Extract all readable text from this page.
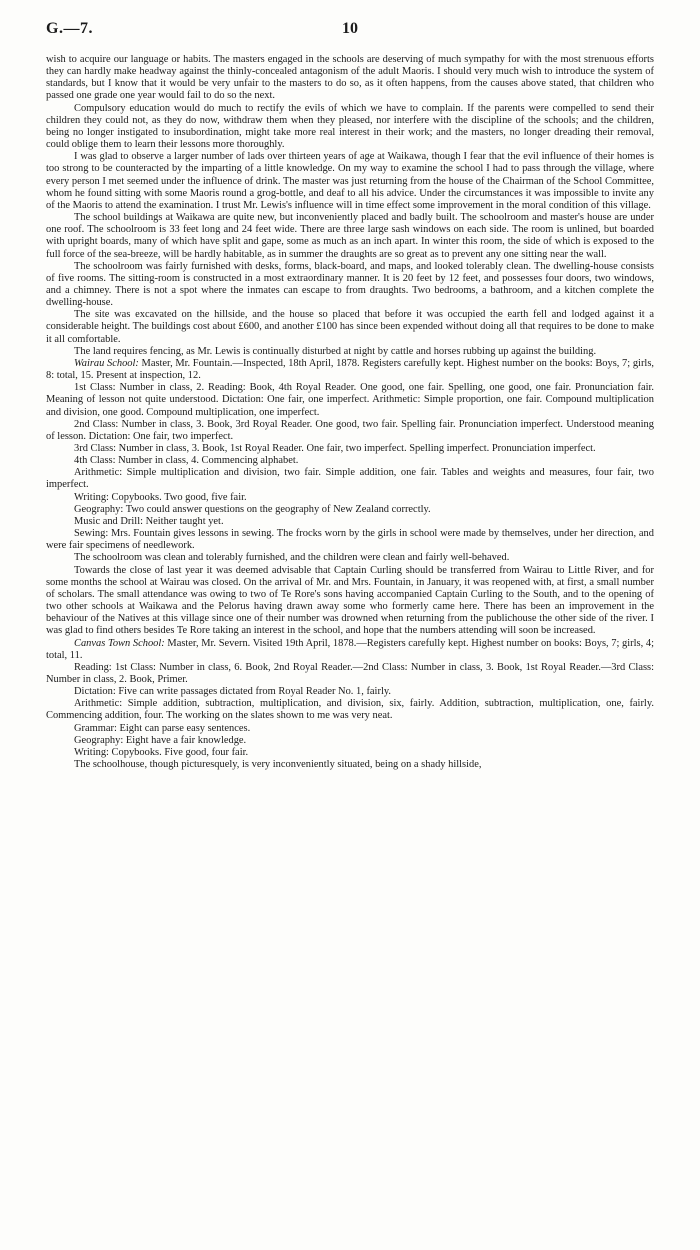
G.—7.	10

wish to acquire our language or habits. The masters engaged in the schools are deserving of much sympathy for with the most strenuous efforts they can hardly make headway against the thinly-concealed antagonism of the adult Maoris. I should very much wish to introduce the system of standards, but I know that it would be very unfair to the masters to do so, as it often happens, from the causes above stated, that children who passed one grade one year would fail to do so the next.

Compulsory education would do much to rectify the evils of which we have to complain. If the parents were compelled to send their children they could not, as they do now, withdraw them when they pleased, nor interfere with the discipline of the schools; and the children, being no longer instigated to insubordination, might take more real interest in their work; and the masters, no longer dreading their removal, could oblige them to learn their lessons more thoroughly.

I was glad to observe a larger number of lads over thirteen years of age at Waikawa, though I fear that the evil influence of their homes is too strong to be counteracted by the imparting of a little knowledge. On my way to examine the school I had to pass through the village, where every person I met seemed under the influence of drink. The master was just returning from the house of the Chairman of the School Committee, whom he found sitting with some Maoris round a grog-bottle, and deaf to all his advice. Under the circumstances it was impossible to invite any of the Maoris to attend the examination. I trust Mr. Lewis's influence will in time effect some improvement in the moral condition of this village.

The school buildings at Waikawa are quite new, but inconveniently placed and badly built. The schoolroom and master's house are under one roof. The schoolroom is 33 feet long and 24 feet wide. There are three large sash windows on each side. The room is unlined, but boarded with upright boards, many of which have split and gape, some as much as an inch apart. In winter this room, the side of which is exposed to the full force of the sea-breeze, will be hardly habitable, as in summer the draughts are so great as to prevent any one sitting near the wall.

The schoolroom was fairly furnished with desks, forms, black-board, and maps, and looked tolerably clean. The dwelling-house consists of five rooms. The sitting-room is constructed in a most extraordinary manner. It is 20 feet by 12 feet, and possesses four doors, two windows, and a chimney. There is not a spot where the inmates can escape to from draughts. Two bedrooms, a bathroom, and a kitchen complete the dwelling-house.

The site was excavated on the hillside, and the house so placed that before it was occupied the earth fell and lodged against it a considerable height. The buildings cost about £600, and another £100 has since been expended without doing all that requires to be done to make it all comfortable.

The land requires fencing, as Mr. Lewis is continually disturbed at night by cattle and horses rubbing up against the building.

Wairau School: Master, Mr. Fountain.—Inspected, 18th April, 1878. Registers carefully kept. Highest number on the books: Boys, 7; girls, 8: total, 15. Present at inspection, 12.

1st Class: Number in class, 2. Reading: Book, 4th Royal Reader. One good, one fair. Spelling, one good, one fair. Pronunciation fair. Meaning of lesson not quite understood. Dictation: One fair, one imperfect. Arithmetic: Simple proportion, one fair. Compound multiplication and division, one good. Compound multiplication, one imperfect.

2nd Class: Number in class, 3. Book, 3rd Royal Reader. One good, two fair. Spelling fair. Pronunciation imperfect. Understood meaning of lesson. Dictation: One fair, two imperfect.

3rd Class: Number in class, 3. Book, 1st Royal Reader. One fair, two imperfect. Spelling imperfect. Pronunciation imperfect.

4th Class: Number in class, 4. Commencing alphabet.

Arithmetic: Simple multiplication and division, two fair. Simple addition, one fair. Tables and weights and measures, four fair, two imperfect.

Writing: Copybooks. Two good, five fair.

Geography: Two could answer questions on the geography of New Zealand correctly.

Music and Drill: Neither taught yet.

Sewing: Mrs. Fountain gives lessons in sewing. The frocks worn by the girls in school were made by themselves, under her direction, and were fair specimens of needlework.

The schoolroom was clean and tolerably furnished, and the children were clean and fairly well-behaved.

Towards the close of last year it was deemed advisable that Captain Curling should be transferred from Wairau to Little River, and for some months the school at Wairau was closed. On the arrival of Mr. and Mrs. Fountain, in January, it was reopened with, at first, a small number of scholars. The small attendance was owing to two of Te Rore's sons having accompanied Captain Curling to the South, and to the opening of two other schools at Waikawa and the Pelorus having drawn away some who formerly came here. There has been an improvement in the behaviour of the Natives at this village since one of their number was drowned when returning from the publichouse the other side of the river. I was glad to find others besides Te Rore taking an interest in the school, and hope that the numbers attending will soon be increased.

Canvas Town School: Master, Mr. Severn. Visited 19th April, 1878.—Registers carefully kept. Highest number on books: Boys, 7; girls, 4; total, 11.

Reading: 1st Class: Number in class, 6. Book, 2nd Royal Reader.—2nd Class: Number in class, 3. Book, 1st Royal Reader.—3rd Class: Number in class, 2. Book, Primer.

Dictation: Five can write passages dictated from Royal Reader No. 1, fairly.

Arithmetic: Simple addition, subtraction, multiplication, and division, six, fairly. Addition, subtraction, multiplication, one, fairly. Commencing addition, four. The working on the slates shown to me was very neat.

Grammar: Eight can parse easy sentences.

Geography: Eight have a fair knowledge.

Writing: Copybooks. Five good, four fair.

The schoolhouse, though picturesquely, is very inconveniently situated, being on a shady hillside,
